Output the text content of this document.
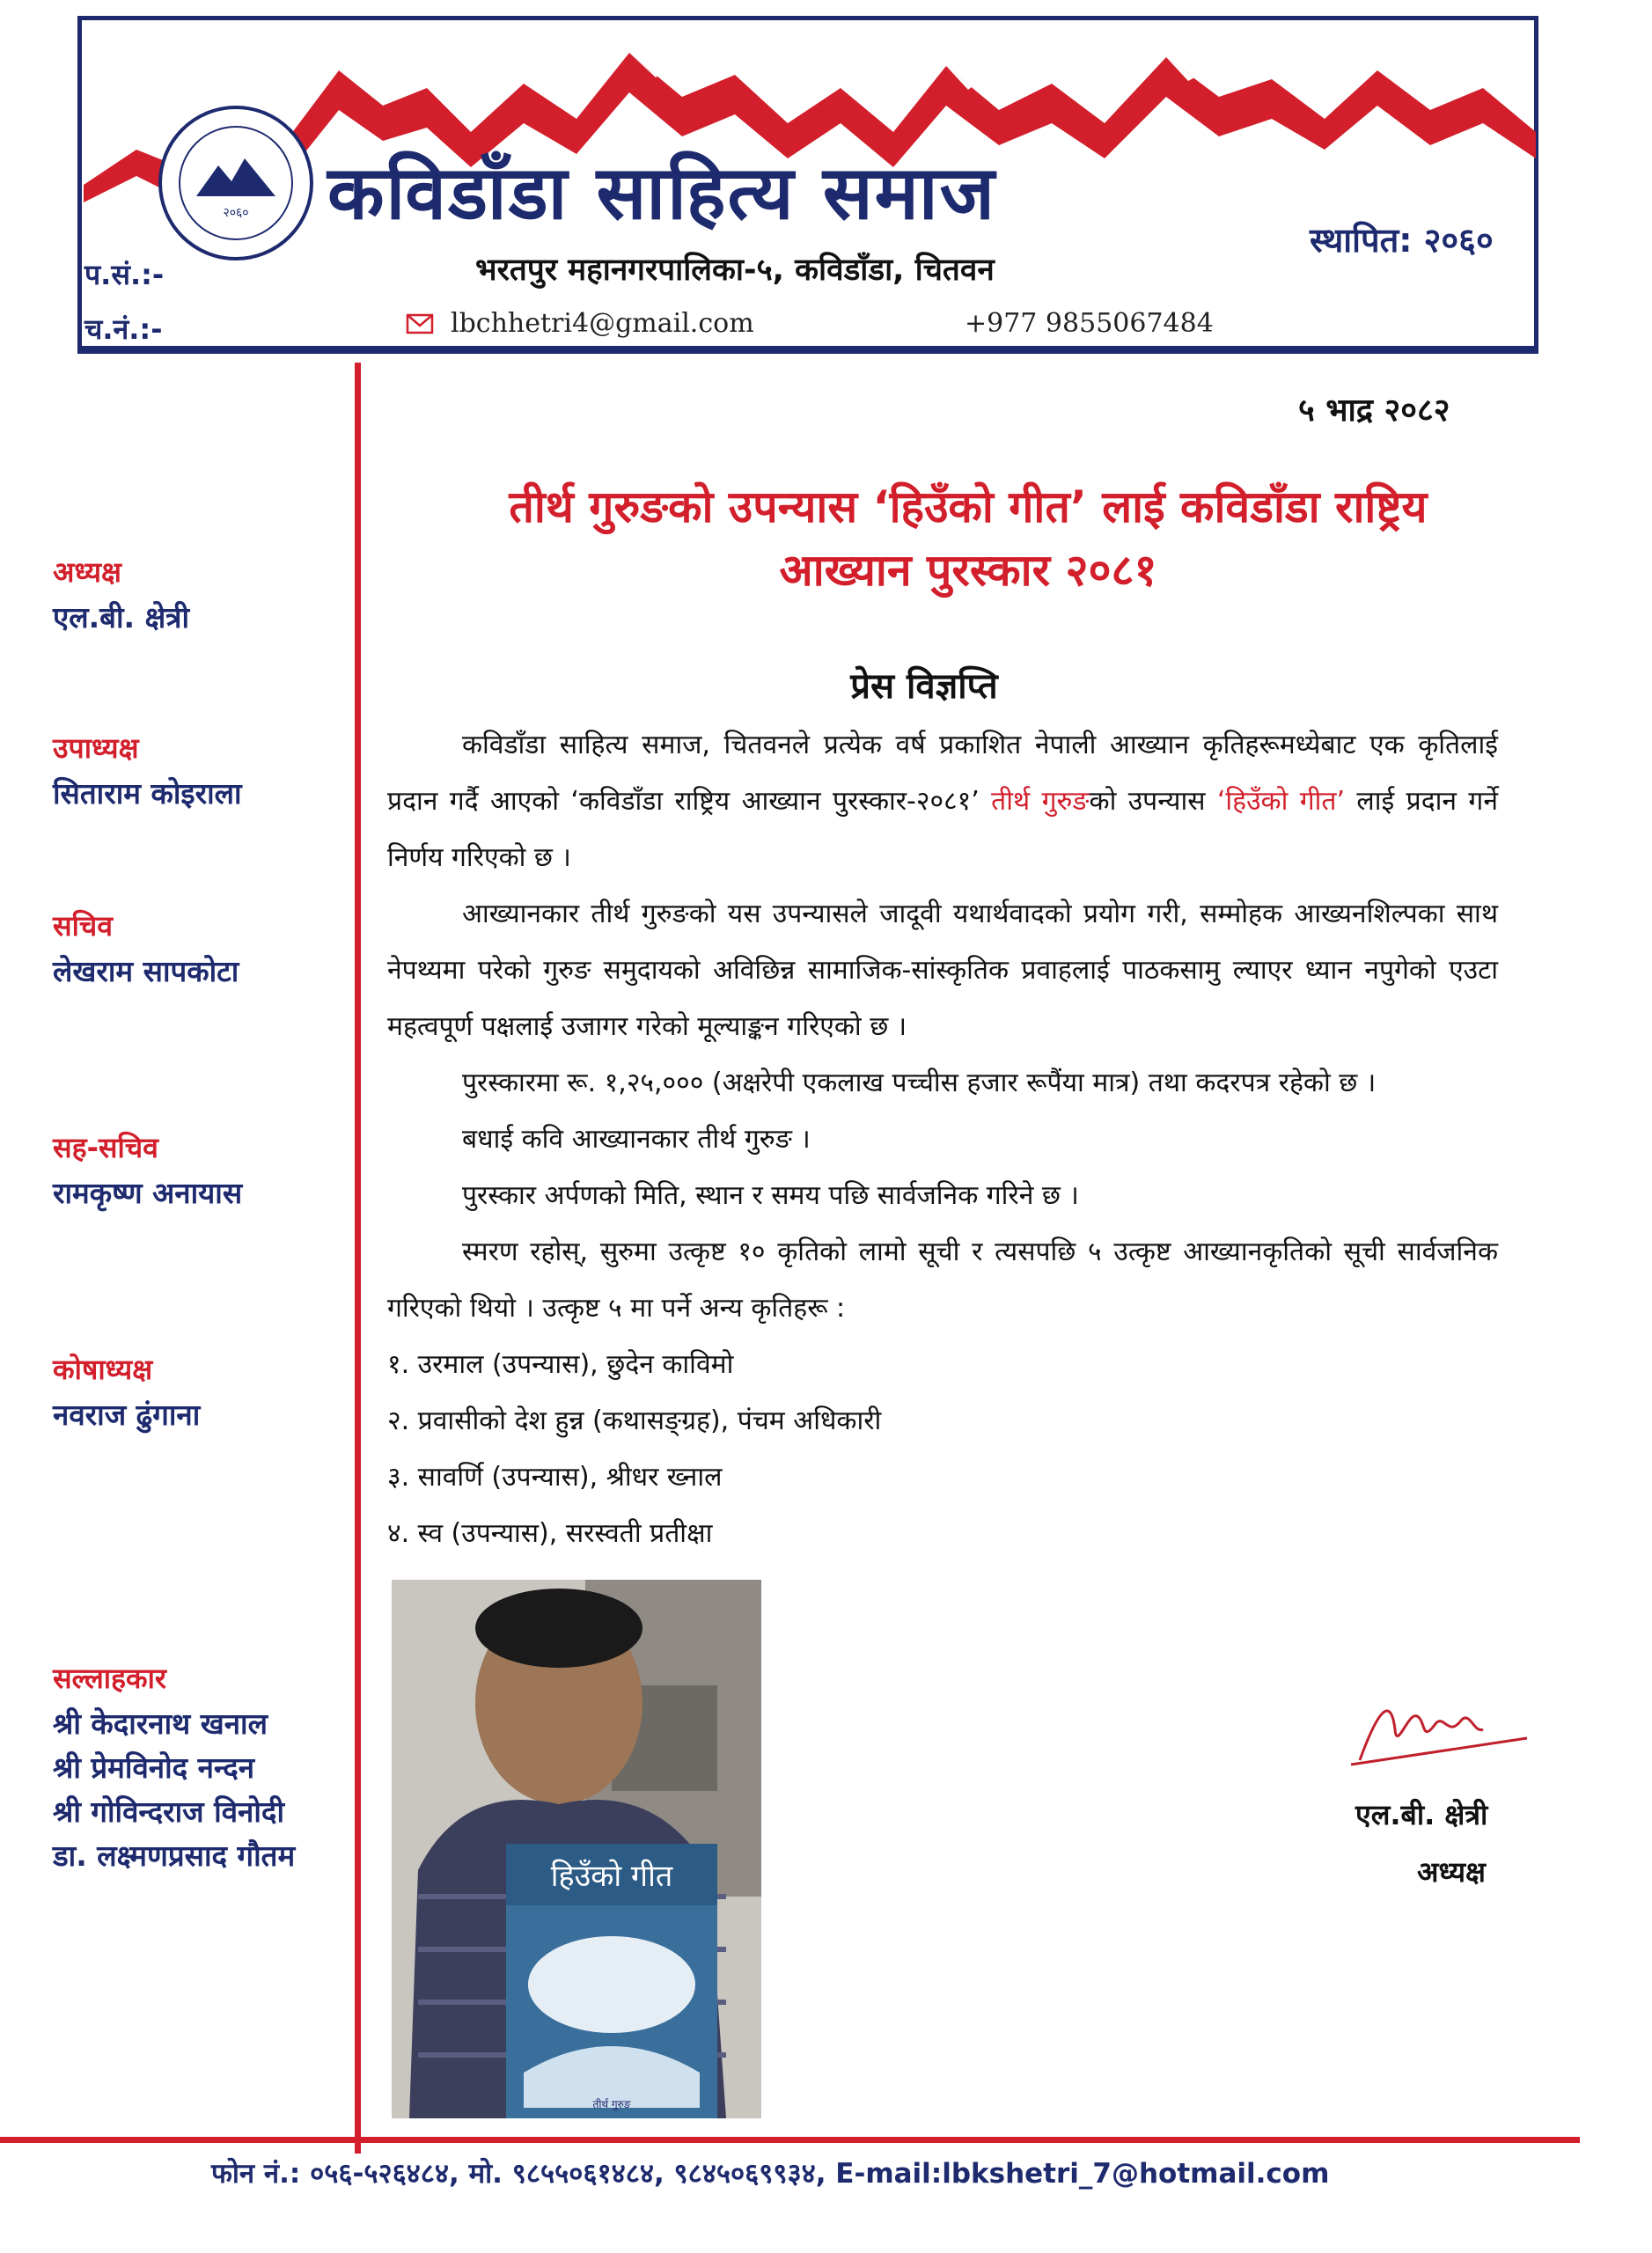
२०६० कविडाँडा साहित्य समाज
स्थापित: २०६०
भरतपुर महानगरपालिका-५, कविडाँडा, चितवन
प.सं.:-
च.नं.:-	lbchhetri4@gmail.com	+977 9855067484
५ भाद्र २०८२
अध्यक्ष
एल.बी. क्षेत्री
उपाध्यक्ष
सिताराम कोइराला
सचिव
लेखराम सापकोटा
सह-सचिव
रामकृष्ण अनायास
कोषाध्यक्ष
नवराज ढुंगाना
सल्लाहकार
श्री केदारनाथ खनाल
श्री प्रेमविनोद नन्दन
श्री गोविन्दराज विनोदी
डा. लक्ष्मणप्रसाद गौतम
तीर्थ गुरुङको उपन्यास ‘हिउँको गीत’ लाई कविडाँडा राष्ट्रिय
आख्यान पुरस्कार २०८१
प्रेस विज्ञप्ति

कविडाँडा साहित्य समाज, चितवनले प्रत्येक वर्ष प्रकाशित नेपाली आख्यान कृतिहरूमध्येबाट एक कृतिलाई प्रदान गर्दै आएको ‘कविडाँडा राष्ट्रिय आख्यान पुरस्कार-२०८१’ तीर्थ गुरुङको उपन्यास ‘हिउँको गीत’ लाई प्रदान गर्ने निर्णय गरिएको छ ।

आख्यानकार तीर्थ गुरुङको यस उपन्यासले जादूवी यथार्थवादको प्रयोग गरी, सम्मोहक आख्यनशिल्पका साथ नेपथ्यमा परेको गुरुङ समुदायको अविछिन्न सामाजिक-सांस्कृतिक प्रवाहलाई पाठकसामु ल्याएर ध्यान नपुगेको एउटा महत्वपूर्ण पक्षलाई उजागर गरेको मूल्याङ्कन गरिएको छ ।

पुरस्कारमा रू. १,२५,००० (अक्षरेपी एकलाख पच्चीस हजार रूपैंया मात्र) तथा कदरपत्र रहेको छ ।

बधाई कवि आख्यानकार तीर्थ गुरुङ ।

पुरस्कार अर्पणको मिति, स्थान र समय पछि सार्वजनिक गरिने छ ।

स्मरण रहोस्, सुरुमा उत्कृष्ट १० कृतिको लामो सूची र त्यसपछि ५ उत्कृष्ट आख्यानकृतिको सूची सार्वजनिक गरिएको थियो । उत्कृष्ट ५ मा पर्ने अन्य कृतिहरू :

१. उरमाल (उपन्यास), छुदेन काविमो

२. प्रवासीको देश हुन्न (कथासङ्ग्रह), पंचम अधिकारी

३. सावर्णि (उपन्यास), श्रीधर ख्नाल

४. स्व (उपन्यास), सरस्वती प्रतीक्षा

हिउँको गीत
तीर्थ गुरुङ
एल.बी. क्षेत्री
अध्यक्ष
फोन नं.: ०५६-५२६४८४, मो. ९८५५०६१४८४, ९८४५०६९९३४, E-mail:lbkshetri_7@hotmail.com
